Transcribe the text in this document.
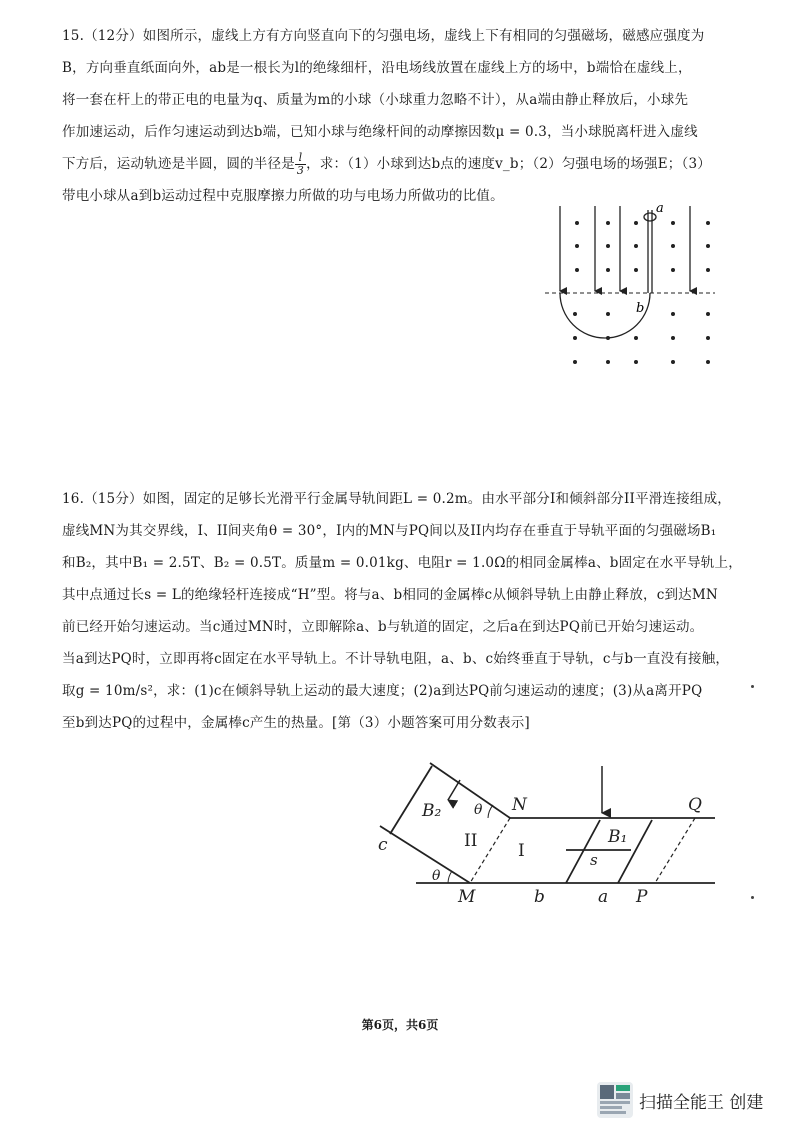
15.（12分）如图所示，虚线上方有方向竖直向下的匀强电场，虚线上下有相同的匀强磁场，磁感应强度为

B，方向垂直纸面向外，ab是一根长为l的绝缘细杆，沿电场线放置在虚线上方的场中，b端恰在虚线上，

将一套在杆上的带正电的电量为q、质量为m的小球（小球重力忽略不计），从a端由静止释放后，小球先

作加速运动，后作匀速运动到达b端，已知小球与绝缘杆间的动摩擦因数μ = 0.3，当小球脱离杆进入虚线

下方后，运动轨迹是半圆，圆的半径是 $\frac{l}{3}$ ，求：（1）小球到达b点的速度v_b；（2）匀强电场的场强E；（3）

带电小球从a到b运动过程中克服摩擦力所做的功与电场力所做功的比值。

a
b

16.（15分）如图，固定的足够长光滑平行金属导轨间距L = 0.2m。由水平部分I和倾斜部分II平滑连接组成，

虚线MN为其交界线，I、II间夹角θ = 30°，I内的MN与PQ间以及II内均存在垂直于导轨平面的匀强磁场B₁

和B₂，其中B₁ = 2.5T、B₂ = 0.5T。质量m = 0.01kg、电阻r = 1.0Ω的相同金属棒a、b固定在水平导轨上，

其中点通过长s = L的绝缘轻杆连接成“H”型。将与a、b相同的金属棒c从倾斜导轨上由静止释放，c到达MN

前已经开始匀速运动。当c通过MN时，立即解除a、b与轨道的固定，之后a在到达PQ前已开始匀速运动。

当a到达PQ时，立即再将c固定在水平导轨上。不计导轨电阻，a、b、c始终垂直于导轨，c与b一直没有接触，

取g = 10m/s²，求：(1)c在倾斜导轨上运动的最大速度；(2)a到达PQ前匀速运动的速度；(3)从a离开PQ

至b到达PQ的过程中，金属棒c产生的热量。[第（3）小题答案可用分数表示]

B₂ θ N	Q
B₁
II I	s
c
θ
M	b	a P
第6页，共6页
扫描全能王 创建
